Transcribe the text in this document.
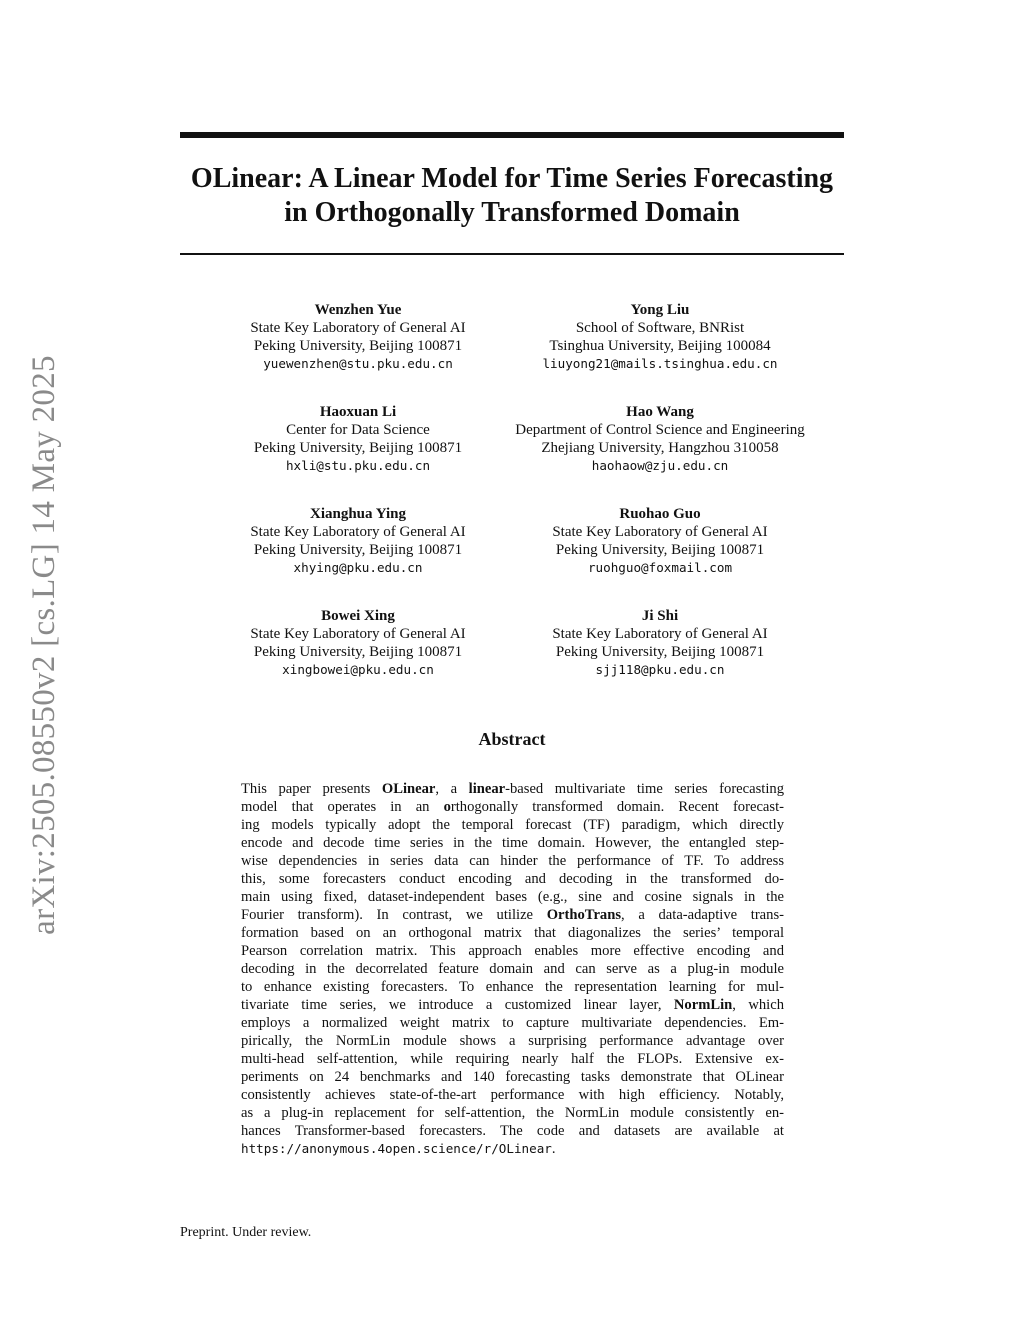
OLinear: A Linear Model for Time Series Forecasting
in Orthogonally Transformed Domain
arXiv:2505.08550v2 [cs.LG] 14 May 2025
Wenzhen Yue
State Key Laboratory of General AI
Peking University, Beijing 100871
yuewenzhen@stu.pku.edu.cn
Yong Liu
School of Software, BNRist
Tsinghua University, Beijing 100084
liuyong21@mails.tsinghua.edu.cn
Haoxuan Li
Center for Data Science
Peking University, Beijing 100871
hxli@stu.pku.edu.cn
Hao Wang
Department of Control Science and Engineering
Zhejiang University, Hangzhou 310058
haohaow@zju.edu.cn
Xianghua Ying
State Key Laboratory of General AI
Peking University, Beijing 100871
xhying@pku.edu.cn
Ruohao Guo
State Key Laboratory of General AI
Peking University, Beijing 100871
ruohguo@foxmail.com
Bowei Xing
State Key Laboratory of General AI
Peking University, Beijing 100871
xingbowei@pku.edu.cn
Ji Shi
State Key Laboratory of General AI
Peking University, Beijing 100871
sjj118@pku.edu.cn
Abstract
This paper presents OLinear, a linear-based multivariate time series forecasting
model that operates in an orthogonally transformed domain. Recent forecast-
ing models typically adopt the temporal forecast (TF) paradigm, which directly
encode and decode time series in the time domain. However, the entangled step-
wise dependencies in series data can hinder the performance of TF. To address
this, some forecasters conduct encoding and decoding in the transformed do-
main using fixed, dataset-independent bases (e.g., sine and cosine signals in the
Fourier transform). In contrast, we utilize OrthoTrans, a data-adaptive trans-
formation based on an orthogonal matrix that diagonalizes the series’ temporal
Pearson correlation matrix. This approach enables more effective encoding and
decoding in the decorrelated feature domain and can serve as a plug-in module
to enhance existing forecasters. To enhance the representation learning for mul-
tivariate time series, we introduce a customized linear layer, NormLin, which
employs a normalized weight matrix to capture multivariate dependencies. Em-
pirically, the NormLin module shows a surprising performance advantage over
multi-head self-attention, while requiring nearly half the FLOPs. Extensive ex-
periments on 24 benchmarks and 140 forecasting tasks demonstrate that OLinear
consistently achieves state-of-the-art performance with high efficiency. Notably,
as a plug-in replacement for self-attention, the NormLin module consistently en-
hances Transformer-based forecasters. The code and datasets are available at
https://anonymous.4open.science/r/OLinear.
Preprint. Under review.
